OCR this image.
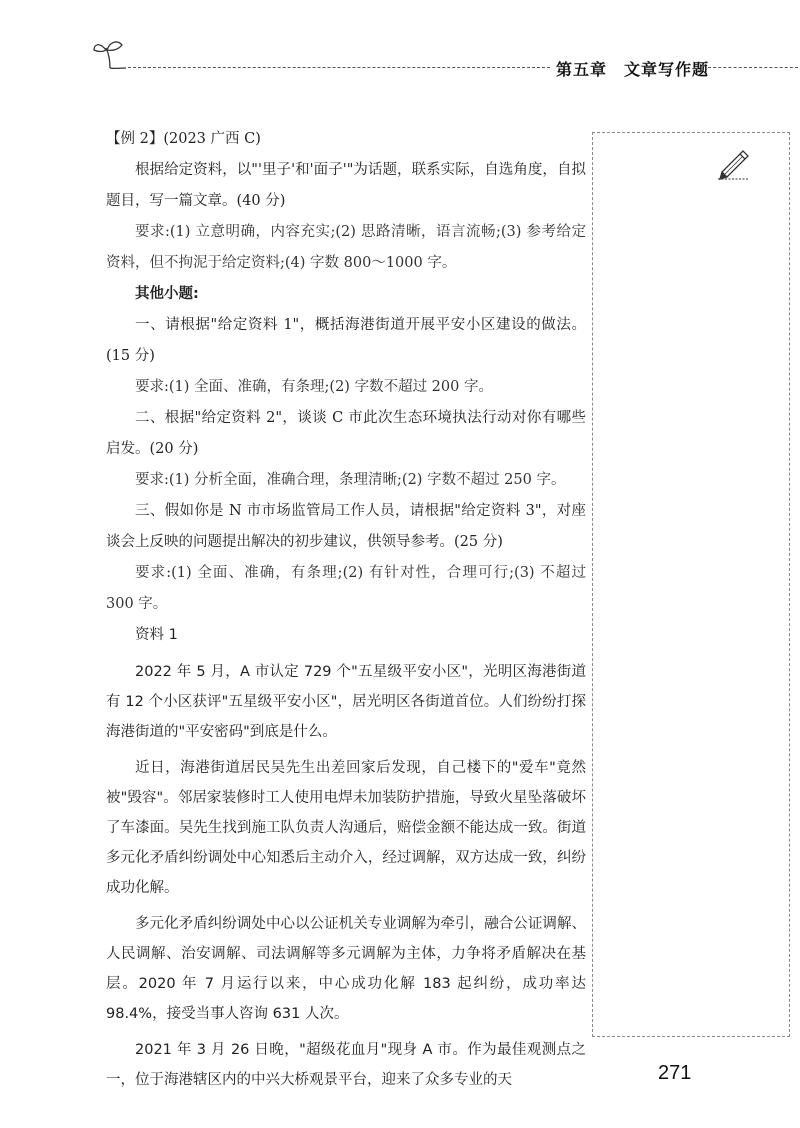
第五章　文章写作题

【例 2】(2023 广西 C)

根据给定资料，以"'里子'和'面子'"为话题，联系实际，自选角度，自拟题目，写一篇文章。(40 分)

要求:(1) 立意明确，内容充实;(2) 思路清晰，语言流畅;(3) 参考给定资料，但不拘泥于给定资料;(4) 字数 800～1000 字。

其他小题:

一、请根据"给定资料 1"，概括海港街道开展平安小区建设的做法。(15 分)

要求:(1) 全面、准确，有条理;(2) 字数不超过 200 字。

二、根据"给定资料 2"，谈谈 C 市此次生态环境执法行动对你有哪些启发。(20 分)

要求:(1) 分析全面，准确合理，条理清晰;(2) 字数不超过 250 字。

三、假如你是 N 市市场监管局工作人员，请根据"给定资料 3"，对座谈会上反映的问题提出解决的初步建议，供领导参考。(25 分)

要求:(1) 全面、准确，有条理;(2) 有针对性，合理可行;(3) 不超过 300 字。

资料 1

2022 年 5 月，A 市认定 729 个"五星级平安小区"，光明区海港街道有 12 个小区获评"五星级平安小区"，居光明区各街道首位。人们纷纷打探海港街道的"平安密码"到底是什么。

近日，海港街道居民吴先生出差回家后发现，自己楼下的"爱车"竟然被"毁容"。邻居家装修时工人使用电焊未加装防护措施，导致火星坠落破坏了车漆面。吴先生找到施工队负责人沟通后，赔偿金额不能达成一致。街道多元化矛盾纠纷调处中心知悉后主动介入，经过调解，双方达成一致，纠纷成功化解。

多元化矛盾纠纷调处中心以公证机关专业调解为牵引，融合公证调解、人民调解、治安调解、司法调解等多元调解为主体，力争将矛盾解决在基层。2020 年 7 月运行以来，中心成功化解 183 起纠纷，成功率达 98.4%，接受当事人咨询 631 人次。

2021 年 3 月 26 日晚，"超级花血月"现身 A 市。作为最佳观测点之一，位于海港辖区内的中兴大桥观景平台，迎来了众多专业的天	271
